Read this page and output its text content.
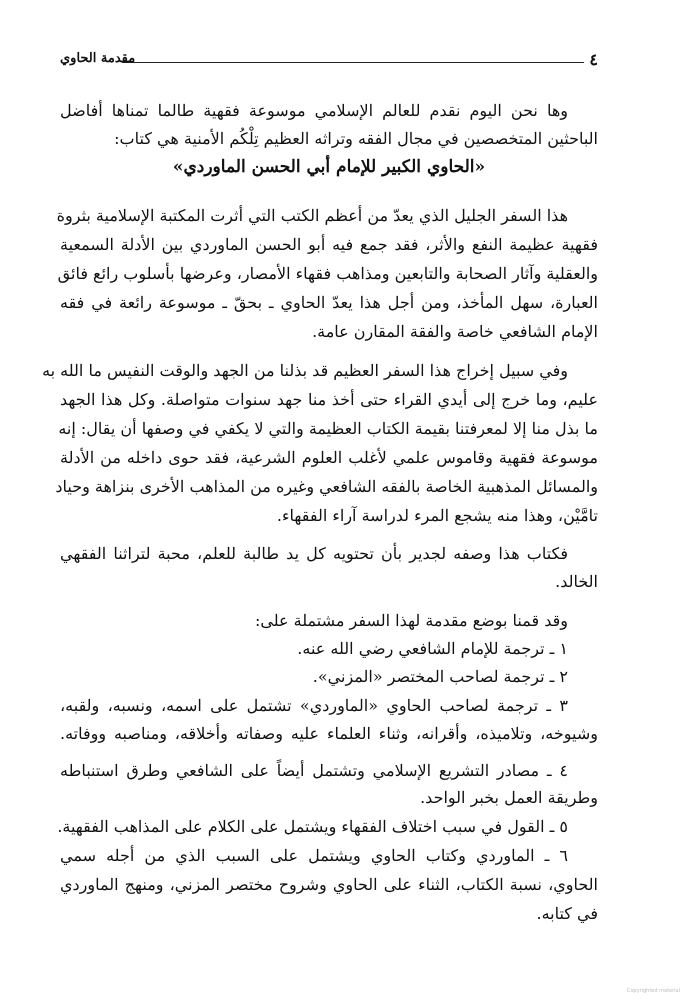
٤
مقدمة الحاوي
وها نحن اليوم نقدم للعالم الإسلامي موسوعة فقهية طالما تمناها أفاضل
الباحثين المتخصصين في مجال الفقه وتراثه العظيم تِلْكُم الأمنية هي كتاب:
«الحاوي الكبير للإمام أبي الحسن الماوردي»
هذا السفر الجليل الذي يعدّ من أعظم الكتب التي أثرت المكتبة الإسلامية بثروة
فقهية عظيمة النفع والأثر، فقد جمع فيه أبو الحسن الماوردي بين الأدلة السمعية
والعقلية وآثار الصحابة والتابعين ومذاهب فقهاء الأمصار، وعرضها بأسلوب رائع فائق
العبارة، سهل المأخذ، ومن أجل هذا يعدّ الحاوي ـ بحقّ ـ موسوعة رائعة في فقه
الإمام الشافعي خاصة والفقة المقارن عامة.
وفي سبيل إخراج هذا السفر العظيم قد بذلنا من الجهد والوقت النفيس ما الله به
عليم، وما خرج إلى أيدي القراء حتى أخذ منا جهد سنوات متواصلة. وكل هذا الجهد
ما بذل منا إلا لمعرفتنا بقيمة الكتاب العظيمة والتي لا يكفي في وصفها أن يقال: إنه
موسوعة فقهية وقاموس علمي لأغلب العلوم الشرعية، فقد حوى داخله من الأدلة
والمسائل المذهبية الخاصة بالفقه الشافعي وغيره من المذاهب الأخرى بنزاهة وحياد
تامَّيْن، وهذا منه يشجع المرء لدراسة آراء الفقهاء.
فكتاب هذا وصفه لجدير بأن تحتويه كل يد طالبة للعلم، محبة لتراثنا الفقهي
الخالد.
وقد قمنا بوضع مقدمة لهذا السفر مشتملة على:
١ ـ ترجمة للإمام الشافعي رضي الله عنه.
٢ ـ ترجمة لصاحب المختصر «المزني».
٣ ـ ترجمة لصاحب الحاوي «الماوردي» تشتمل على اسمه، ونسبه، ولقبه،
وشيوخه، وتلاميذه، وأقرانه، وثناء العلماء عليه وصفاته وأخلاقه، ومناصبه ووفاته.
٤ ـ مصادر التشريع الإسلامي وتشتمل أيضاً على الشافعي وطرق استنباطه
وطريقة العمل بخبر الواحد.
٥ ـ القول في سبب اختلاف الفقهاء ويشتمل على الكلام على المذاهب الفقهية.
٦ ـ الماوردي وكتاب الحاوي ويشتمل على السبب الذي من أجله سمي
الحاوي، نسبة الكتاب، الثناء على الحاوي وشروح مختصر المزني، ومنهج الماوردي
في كتابه.
Copyrighted material
